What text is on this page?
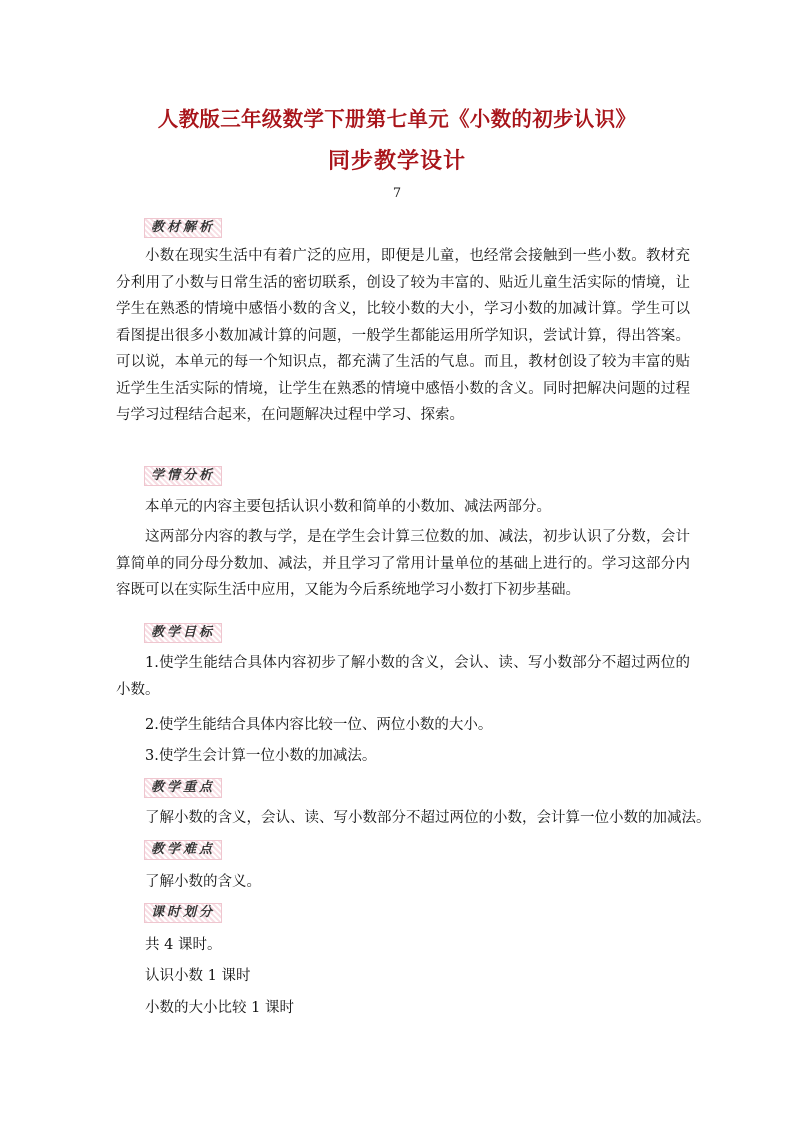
人教版三年级数学下册第七单元《小数的初步认识》
同步教学设计
7
教材解析

小数在现实生活中有着广泛的应用，即便是儿童，也经常会接触到一些小数。教材充分利用了小数与日常生活的密切联系，创设了较为丰富的、贴近儿童生活实际的情境，让学生在熟悉的情境中感悟小数的含义，比较小数的大小，学习小数的加减计算。学生可以看图提出很多小数加减计算的问题，一般学生都能运用所学知识，尝试计算，得出答案。可以说，本单元的每一个知识点，都充满了生活的气息。而且，教材创设了较为丰富的贴近学生生活实际的情境，让学生在熟悉的情境中感悟小数的含义。同时把解决问题的过程与学习过程结合起来，在问题解决过程中学习、探索。

学情分析

本单元的内容主要包括认识小数和简单的小数加、减法两部分。

这两部分内容的教与学，是在学生会计算三位数的加、减法，初步认识了分数，会计算简单的同分母分数加、减法，并且学习了常用计量单位的基础上进行的。学习这部分内容既可以在实际生活中应用，又能为今后系统地学习小数打下初步基础。

教学目标

1.使学生能结合具体内容初步了解小数的含义，会认、读、写小数部分不超过两位的小数。

2.使学生能结合具体内容比较一位、两位小数的大小。

3.使学生会计算一位小数的加减法。

教学重点

了解小数的含义，会认、读、写小数部分不超过两位的小数，会计算一位小数的加减法。

教学难点

了解小数的含义。

课时划分

共 4 课时。

认识小数 1 课时

小数的大小比较 1 课时
